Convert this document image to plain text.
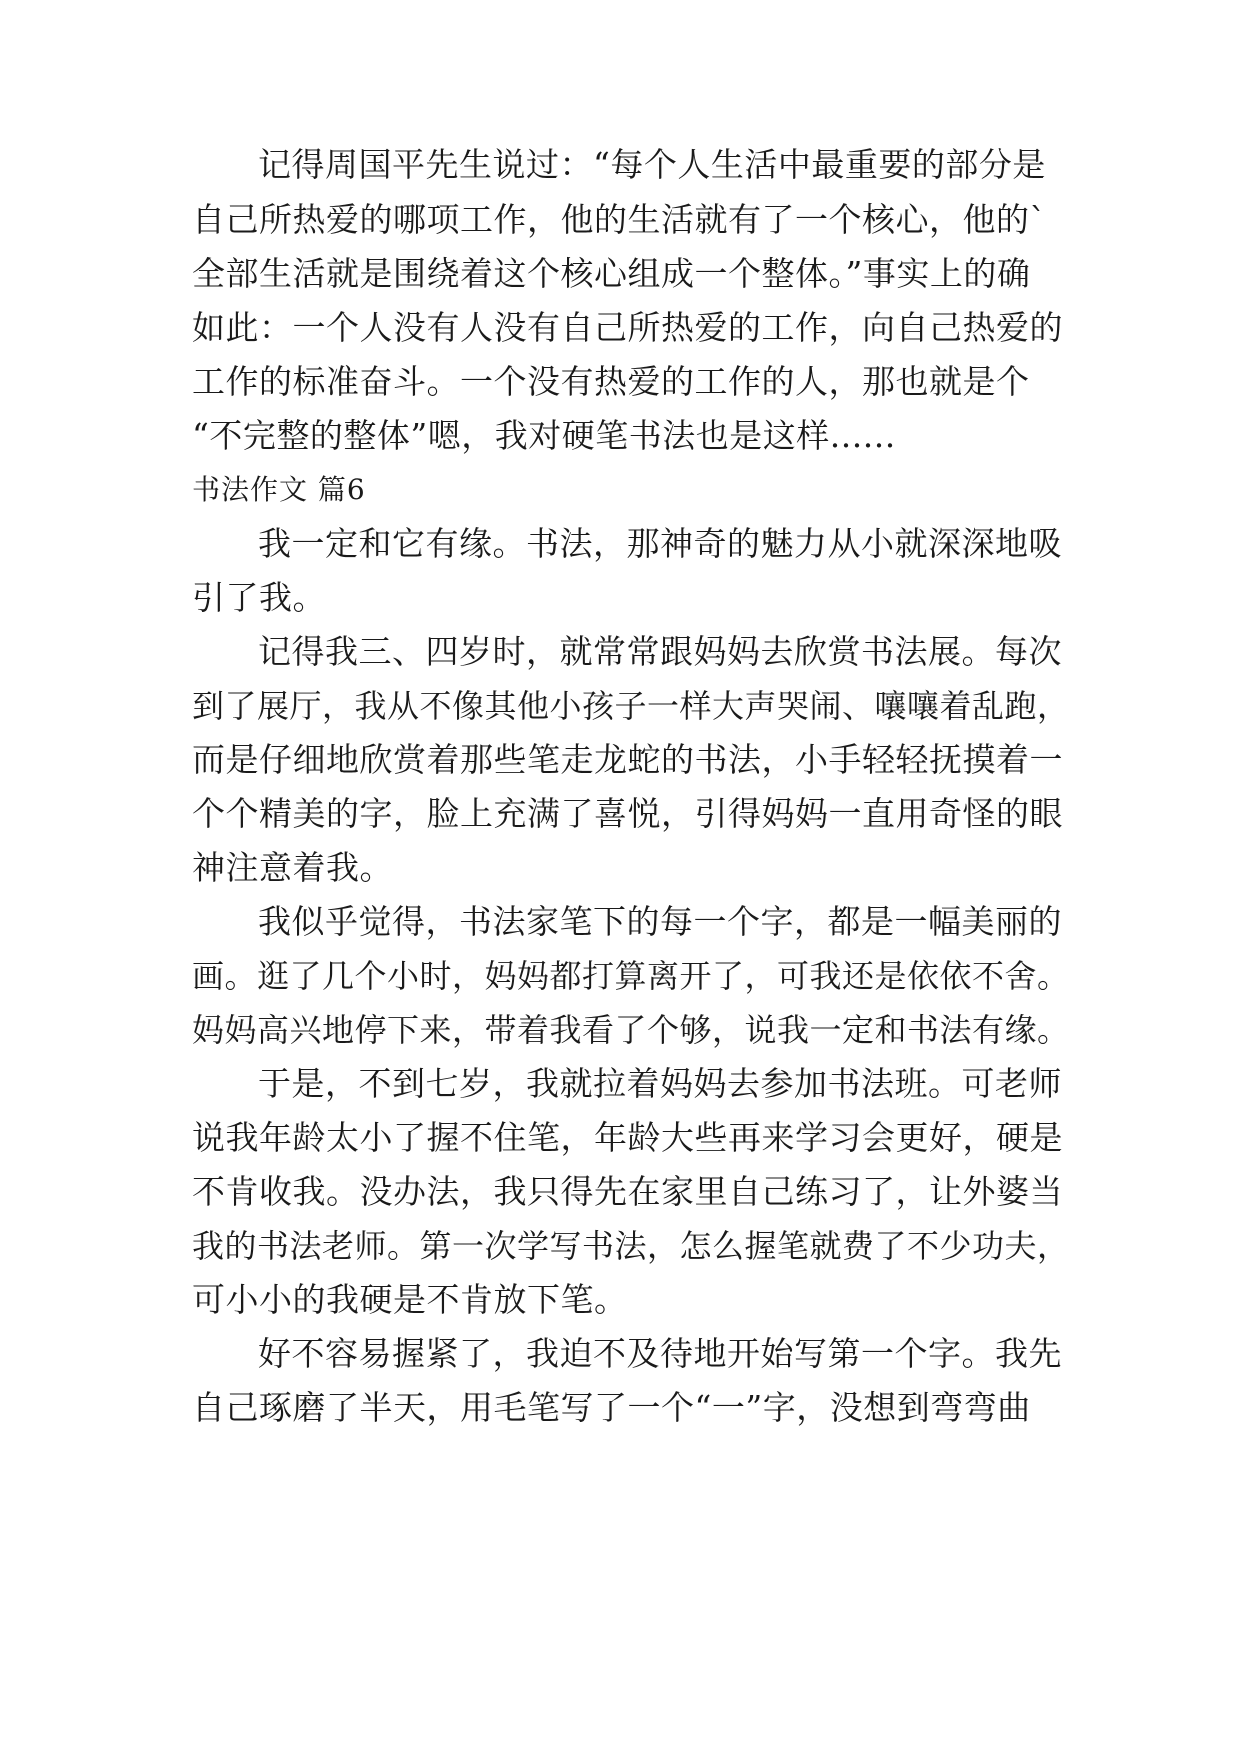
记得周国平先生说过：“每个人生活中最重要的部分是
自己所热爱的哪项工作，他的生活就有了一个核心，他的`
全部生活就是围绕着这个核心组成一个整体。”事实上的确
如此：一个人没有人没有自己所热爱的工作，向自己热爱的
工作的标准奋斗。一个没有热爱的工作的人，那也就是个
“不完整的整体”嗯，我对硬笔书法也是这样......
书法作文 篇6
我一定和它有缘。书法，那神奇的魅力从小就深深地吸
引了我。
记得我三、四岁时，就常常跟妈妈去欣赏书法展。每次
到了展厅，我从不像其他小孩子一样大声哭闹、嚷嚷着乱跑，
而是仔细地欣赏着那些笔走龙蛇的书法，小手轻轻抚摸着一
个个精美的字，脸上充满了喜悦，引得妈妈一直用奇怪的眼
神注意着我。
我似乎觉得，书法家笔下的每一个字，都是一幅美丽的
画。逛了几个小时，妈妈都打算离开了，可我还是依依不舍。
妈妈高兴地停下来，带着我看了个够，说我一定和书法有缘。
于是，不到七岁，我就拉着妈妈去参加书法班。可老师
说我年龄太小了握不住笔，年龄大些再来学习会更好，硬是
不肯收我。没办法，我只得先在家里自己练习了，让外婆当
我的书法老师。第一次学写书法，怎么握笔就费了不少功夫，
可小小的我硬是不肯放下笔。
好不容易握紧了，我迫不及待地开始写第一个字。我先
自己琢磨了半天，用毛笔写了一个“一”字，没想到弯弯曲
